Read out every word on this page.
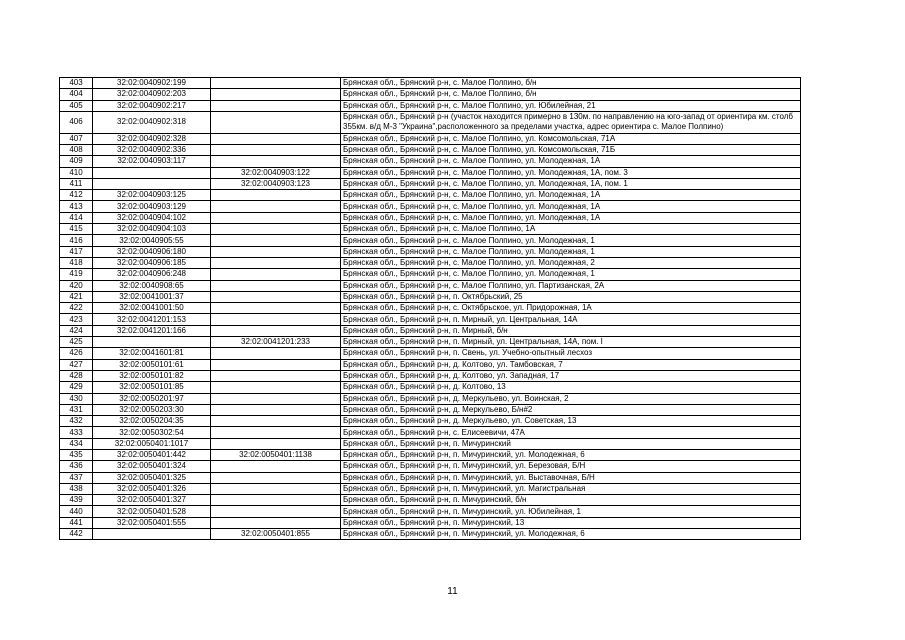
403	32:02:0040902:199		Брянская обл., Брянский р-н, с. Малое Полпино, б/н
404	32:02:0040902:203		Брянская обл., Брянский р-н, с. Малое Полпино, б/н
405	32:02:0040902:217		Брянская обл., Брянский р-н, с. Малое Полпино, ул. Юбилейная, 21
406	32:02:0040902:318		Брянская обл., Брянский р-н (участок находится примерно в 130м. по направлению на юго-запад от ориентира км. столб 355км. в/д М-3 "Украина",расположенного за пределами участка, адрес ориентира с. Малое Полпино)
407	32:02:0040902:328		Брянская обл., Брянский р-н, с. Малое Полпино, ул. Комсомольская, 71А
408	32:02:0040902:336		Брянская обл., Брянский р-н, с. Малое Полпино, ул. Комсомольская, 71Б
409	32:02:0040903:117		Брянская обл., Брянский р-н, с. Малое Полпино, ул. Молодежная, 1А
410		32:02:0040903:122	Брянская обл., Брянский р-н, с. Малое Полпино, ул. Молодежная, 1А, пом. 3
411		32:02:0040903:123	Брянская обл., Брянский р-н, с. Малое Полпино, ул. Молодежная, 1А, пом. 1
412	32:02:0040903:125		Брянская обл., Брянский р-н, с. Малое Полпино, ул. Молодежная, 1А
413	32:02:0040903:129		Брянская обл., Брянский р-н, с. Малое Полпино, ул. Молодежная, 1А
414	32:02:0040904:102		Брянская обл., Брянский р-н, с. Малое Полпино, ул. Молодежная, 1А
415	32:02:0040904:103		Брянская обл., Брянский р-н, с. Малое Полпино, 1А
416	32:02:0040905:55		Брянская обл., Брянский р-н, с. Малое Полпино, ул. Молодежная, 1
417	32:02:0040906:180		Брянская обл., Брянский р-н, с. Малое Полпино, ул. Молодежная, 1
418	32:02:0040906:185		Брянская обл., Брянский р-н, с. Малое Полпино, ул. Молодежная, 2
419	32:02:0040906:248		Брянская обл., Брянский р-н, с. Малое Полпино, ул. Молодежная, 1
420	32:02:0040908:65		Брянская обл., Брянский р-н, с. Малое Полпино, ул. Партизанская, 2А
421	32:02:0041001:37		Брянская обл., Брянский р-н, п. Октябрьский, 25
422	32:02:0041001:50		Брянская обл., Брянский р-н, с. Октябрьское, ул. Придорожная, 1А
423	32:02:0041201:153		Брянская обл., Брянский р-н, п. Мирный, ул. Центральная, 14А
424	32:02:0041201:166		Брянская обл., Брянский р-н, п. Мирный, б/н
425		32:02:0041201:233	Брянская обл., Брянский р-н, п. Мирный, ул. Центральная, 14А, пом. I
426	32:02:0041601:81		Брянская обл., Брянский р-н, п. Свень, ул. Учебно-опытный лесхоз
427	32:02:0050101:61		Брянская обл., Брянский р-н, д. Колтово, ул. Тамбовская, 7
428	32:02:0050101:82		Брянская обл., Брянский р-н, д. Колтово, ул. Западная, 17
429	32:02:0050101:85		Брянская обл., Брянский р-н, д. Колтово, 13
430	32:02:0050201:97		Брянская обл., Брянский р-н, д. Меркульево, ул. Воинская, 2
431	32:02:0050203:30		Брянская обл., Брянский р-н, д. Меркульево, Б/н#2
432	32:02:0050204:35		Брянская обл., Брянский р-н, д. Меркульево, ул. Советская, 13
433	32:02:0050302:54		Брянская обл., Брянский р-н, с. Елисеевичи, 47А
434	32:02:0050401:1017		Брянская обл., Брянский р-н, п. Мичуринский
435	32:02:0050401:442	32:02:0050401:1138	Брянская обл., Брянский р-н, п. Мичуринский, ул. Молодежная, 6
436	32:02:0050401:324		Брянская обл., Брянский р-н, п. Мичуринский, ул. Березовая, Б/Н
437	32:02:0050401:325		Брянская обл., Брянский р-н, п. Мичуринский, ул. Выставочная, Б/Н
438	32:02:0050401:326		Брянская обл., Брянский р-н, п. Мичуринский, ул. Магистральная
439	32:02:0050401:327		Брянская обл., Брянский р-н, п. Мичуринский, б/н
440	32:02:0050401:528		Брянская обл., Брянский р-н, п. Мичуринский, ул. Юбилейная, 1
441	32:02:0050401:555		Брянская обл., Брянский р-н, п. Мичуринский, 13
442		32:02:0050401:855	Брянская обл., Брянский р-н, п. Мичуринский, ул. Молодежная, 6
11
